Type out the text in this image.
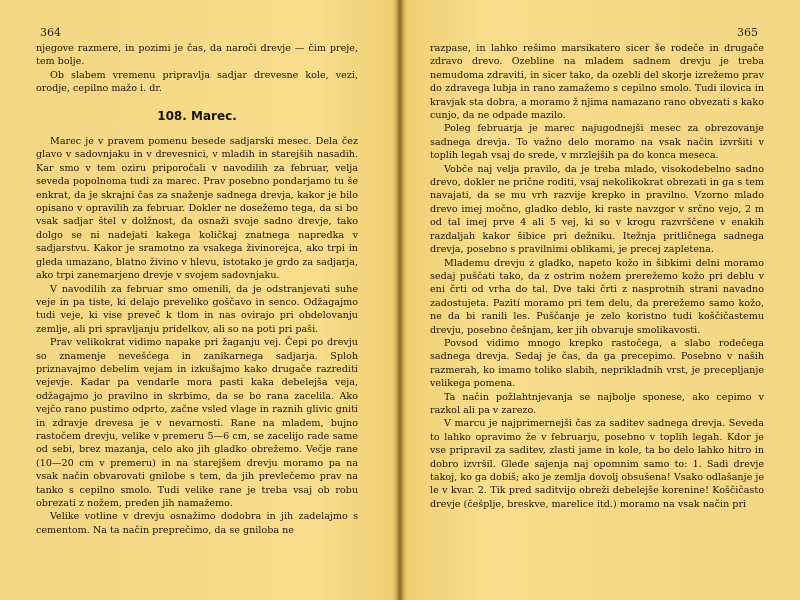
364

njegove razmere, in pozimi je čas, da naroči drevje — čim preje, tem bolje.

Ob slabem vremenu pripravlja sadjar drevesne kole, vezi, orodje, cepilno mažo i. dr.

108. Marec.

Marec je v pravem pomenu besede sadjarski mesec. Dela čez glavo v sadovnjaku in v drevesnici, v mladih in starejših nasadih. Kar smo v tem oziru priporočali v navodilih za februar, velja seveda popolnoma tudi za marec. Prav posebno pondarjamo tu še enkrat, da je skrajni čas za snaženje sadnega drevja, kakor je bilo opisano v opravilih za februar. Dokler ne dosežemo tega, da si bo vsak sadjar štel v dolžnost, da osnaži svoje sadno drevje, tako dolgo se ni nadejati kakega količkaj znatnega napredka v sadjarstvu. Kakor je sramotno za vsakega živinorejca, ako trpi in gleda umazano, blatno živino v hlevu, istotako je grdo za sadjarja, ako trpi zanemarjeno drevje v svojem sadovnjaku.

V navodilih za februar smo omenili, da je odstranjevati suhe veje in pa tiste, ki delajo preveliko goščavo in senco. Odžagajmo tudi veje, ki vise preveč k tlom in nas ovirajo pri obdelovanju zemlje, ali pri spravljanju pridelkov, ali so na poti pri paši.

Prav velikokrat vidimo napake pri žaganju vej. Čepi po drevju so znamenje nevešćega in zanikarnega sadjarja. Sploh priznavajmo debelim vejam in izkušajmo kako drugače razrediti vejevje. Kadar pa vendarle mora pasti kaka debelejša veja, odžagajmo jo pravilno in skrbimo, da se bo rana zacelila. Ako vejčo rano pustimo odprto, začne vsled vlage in raznih glivic gniti in zdravje drevesa je v nevarnosti. Rane na mladem, bujno rastočem drevju, velike v premeru 5—6 cm, se zacelijo rade same od sebi, brez mazanja, celo ako jih gladko obrežemo. Večje rane (10—20 cm v premeru) in na starejšem drevju moramo pa na vsak način obvarovati gnilobe s tem, da jih prevlečemo prav na tanko s cepilno smolo. Tudi velike rane je treba vsaj ob robu obrezati z nožem, preden jih namažemo.

Velike votline v drevju osnažimo dodobra in jih zadelajmo s cementom. Na ta način preprečimo, da se gniloba ne

365

razpase, in lahko rešimo marsikatero sicer še rodeče in drugače zdravo drevo. Ozebline na mladem sadnem drevju je treba nemudoma zdraviti, in sicer tako, da ozebli del skorje izrežemo prav do zdravega lubja in rano zamažemo s cepilno smolo. Tudi ilovica in kravjak sta dobra, a moramo ž njima namazano rano obvezati s kako cunjo, da ne odpade mazilo.

Poleg februarja je marec najugodnejši mesec za obrezovanje sadnega drevja. To važno delo moramo na vsak način izvršiti v toplih legah vsaj do srede, v mrzlejših pa do konca meseca.

Vobče naj velja pravilo, da je treba mlado, visokodebelno sadno drevo, dokler ne prične roditi, vsaj nekolikokrat obrezati in ga s tem navajati, da se mu vrh razvije krepko in pravilno. Vzorno mlado drevo imej močno, gladko deblo, ki raste navzgor v srčno vejo, 2 m od tal imej prve 4 ali 5 vej, ki so v krogu razvrščene v enakih razdaljah kakor šibice pri dežniku. Itežnja pritličnega sadnega drevja, posebno s pravilnimi oblikami, je precej zapletena.

Mlademu drevju z gladko, napeto kožo in šibkimi delni moramo sedaj puščati tako, da z ostrim nožem prerežemo kožo pri deblu v eni črti od vrha do tal. Dve taki črti z nasprotnih strani navadno zadostujeta. Pazití moramo pri tem delu, da prerežemo samo kožo, ne da bi ranili les. Puščanje je zelo koristno tudi koščičastemu drevju, posebno češnjam, ker jih obvaruje smolikavosti.

Povsod vidimo mnogo krepko rastočega, a slabo rodečega sadnega drevja. Sedaj je čas, da ga precepimo. Posebno v naših razmerah, ko imamo toliko slabih, neprikladnih vrst, je precepljanje velikega pomena.

Ta način požlahtnjevanja se najbolje sponese, ako cepimo v razkol ali pa v zarezo.

V marcu je najprimernejši čas za saditev sadnega drevja. Seveda to lahko opravimo že v februarju, posebno v toplih legah. Kdor je vse pripravil za saditev, zlasti jame in kole, ta bo delo lahko hitro in dobro izvršil. Glede sajenja naj opomnim samo to: 1. Sadi drevje takoj, ko ga dobiš; ako je zemlja dovolj obsušena! Vsako odlašanje je le v kvar. 2. Tik pred saditvijo obreži debelejše korenine! Koščičasto drevje (češplje, breskve, marelice itd.) moramo na vsak način pri
